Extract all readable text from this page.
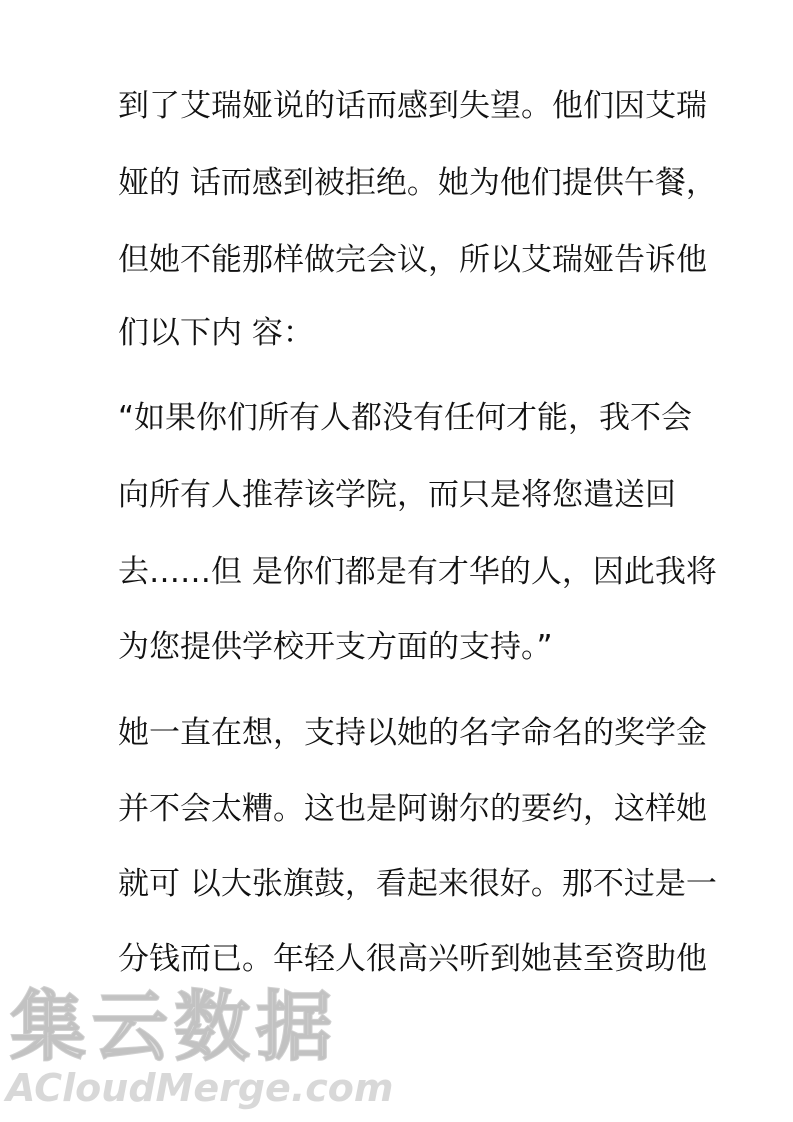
到了艾瑞娅说的话而感到失望。他们因艾瑞
娅的 话而感到被拒绝。她为他们提供午餐，
但她不能那样做完会议，所以艾瑞娅告诉他
们以下内 容：
“如果你们所有人都没有任何才能，我不会
向所有人推荐该学院，而只是将您遣送回
去……但 是你们都是有才华的人，因此我将
为您提供学校开支方面的支持。”
她一直在想，支持以她的名字命名的奖学金
并不会太糟。这也是阿谢尔的要约，这样她
就可 以大张旗鼓，看起来很好。那不过是一
分钱而已。年轻人很高兴听到她甚至资助他
集云数据
ACloudMerge.com
